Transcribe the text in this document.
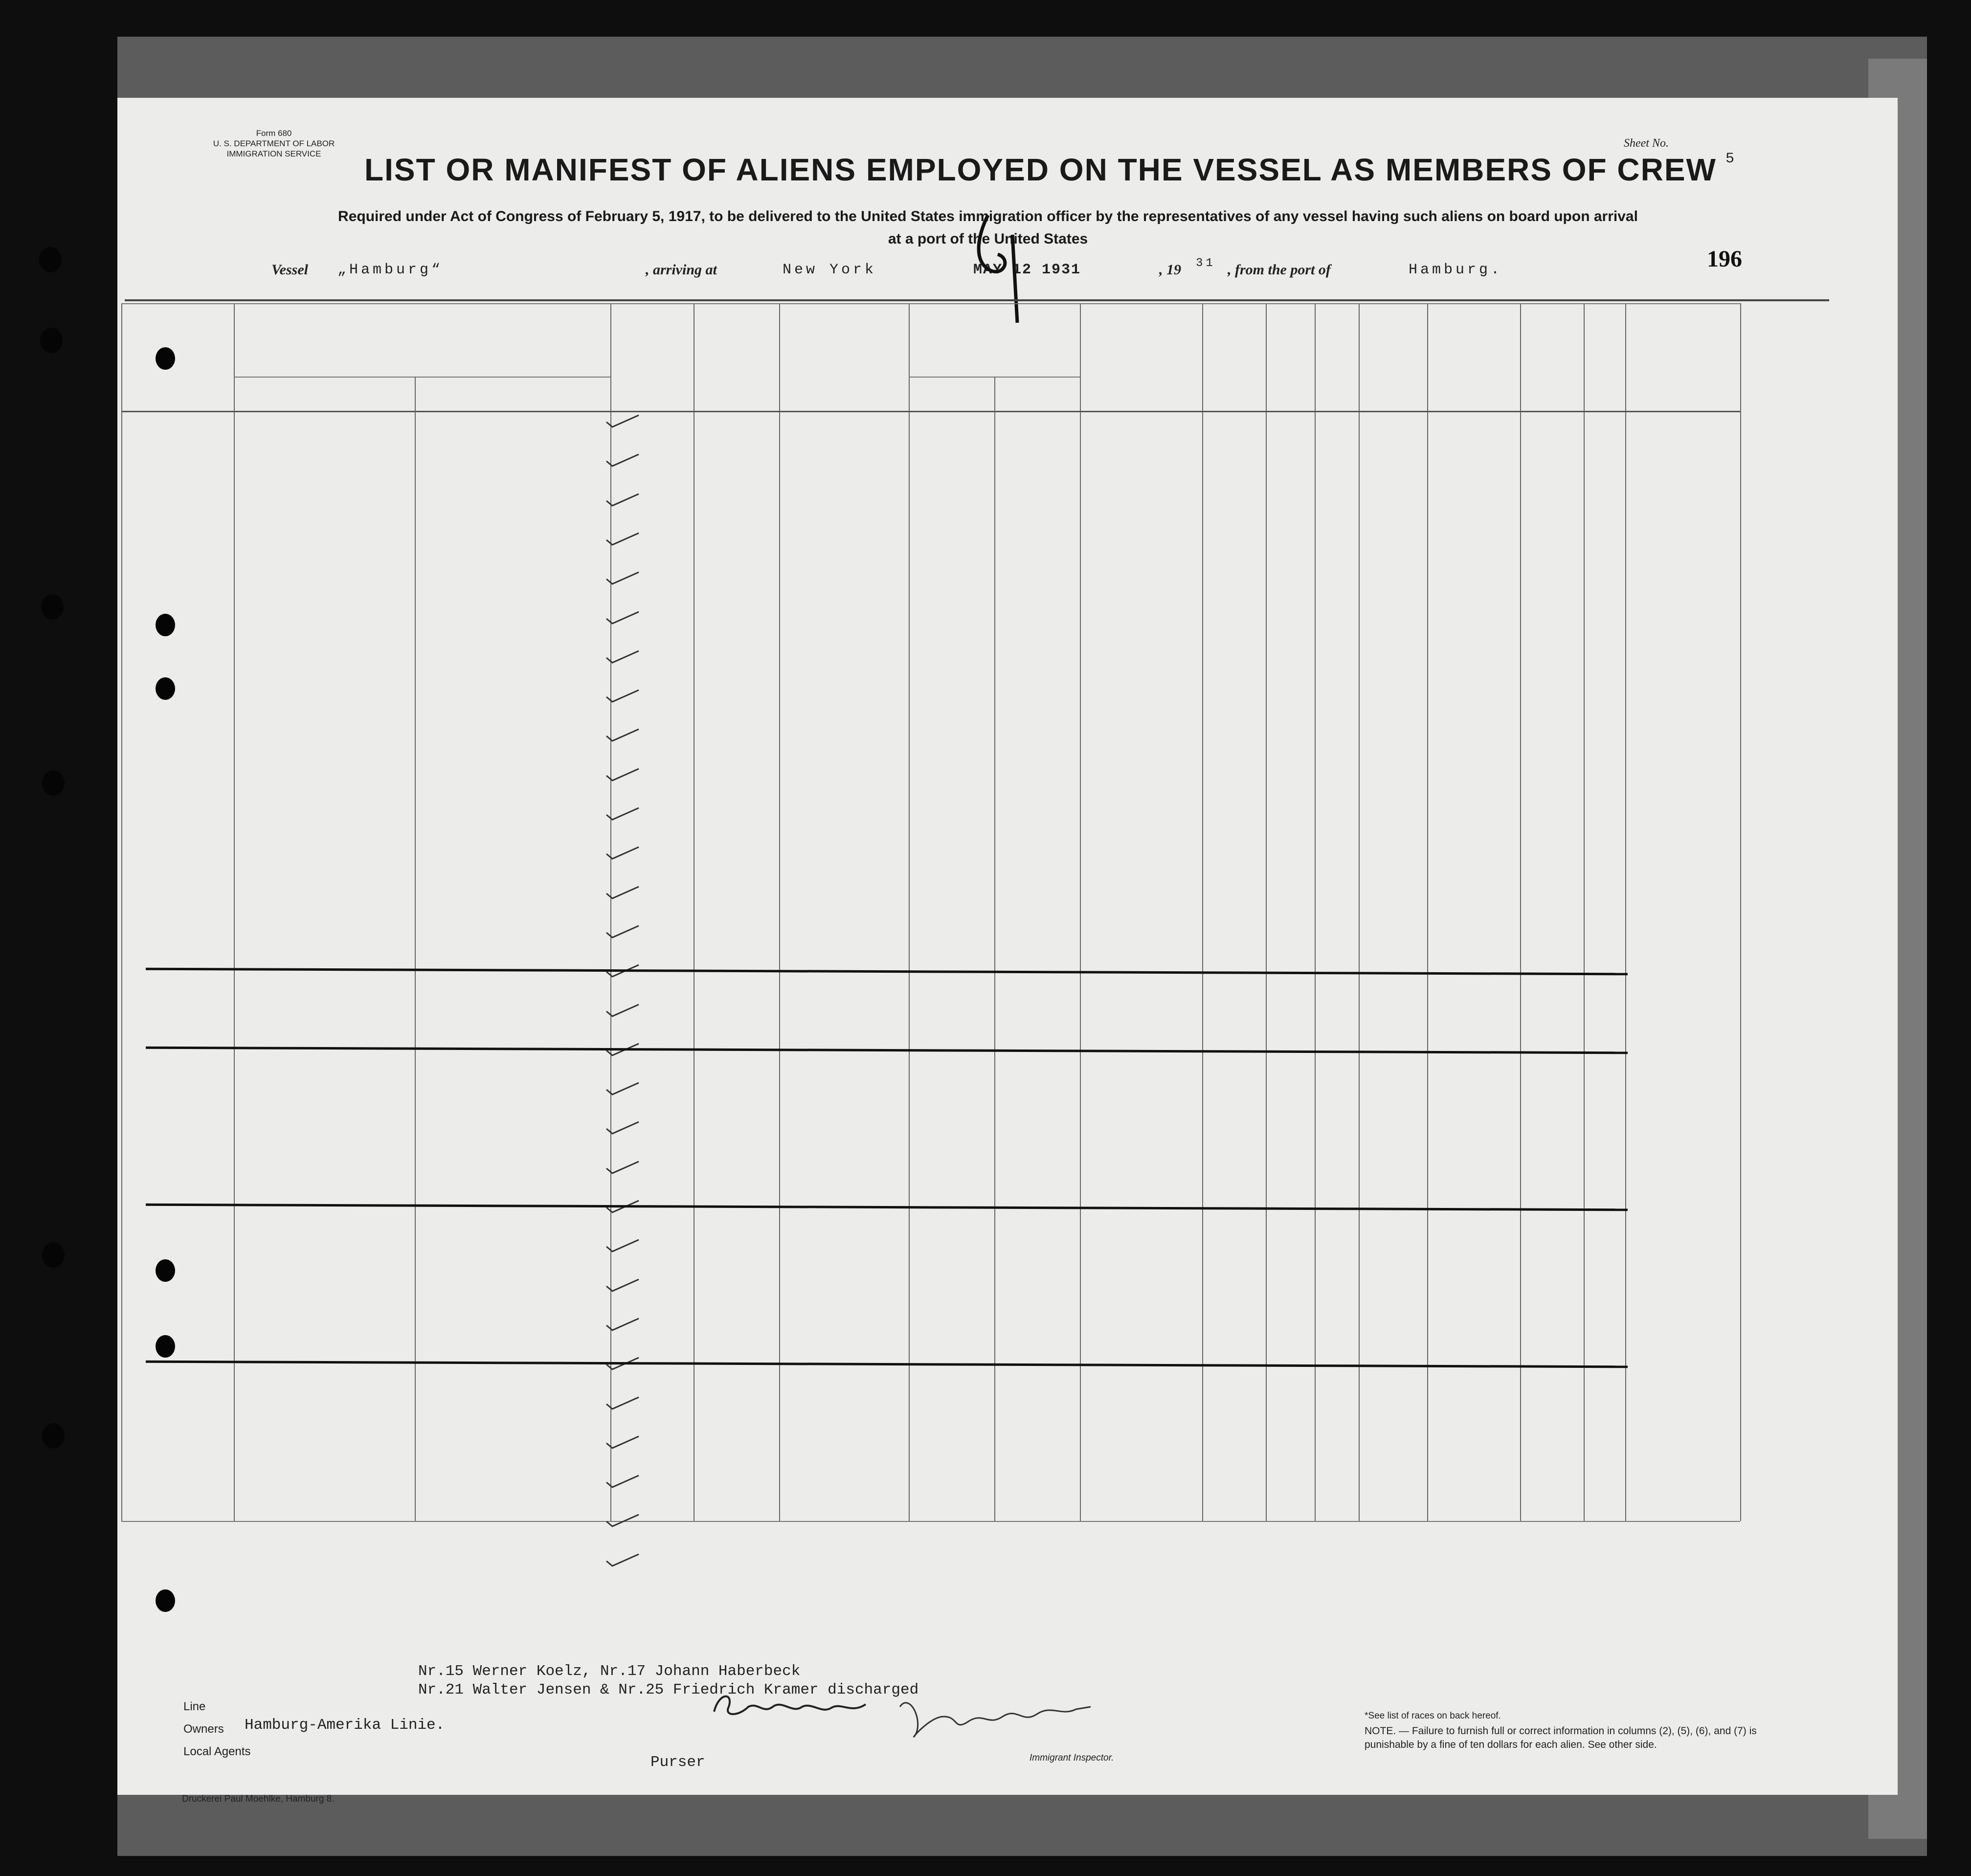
Form 680
U. S. DEPARTMENT OF LABOR
IMMIGRATION SERVICE
Sheet No.
5
LIST OR MANIFEST OF ALIENS EMPLOYED ON THE VESSEL AS MEMBERS OF CREW
Required under Act of Congress of February 5, 1917, to be delivered to the United States immigration officer by the representatives of any vessel having such aliens on board upon arrival
at a port of the United States
196
Vessel „Hamburg“	, arriving at	New York	MAY 12 1931	, 19 31 , from the port of	Hamburg.
Nr.15 Werner Koelz, Nr.17 Johann Haberbeck
Nr.21 Walter Jensen & Nr.25 Friedrich Kramer discharged
Line
Owners Hamburg-Amerika Linie.
Local Agents
Purser	Immigrant Inspector.
Druckerei Paul Moehlke, Hamburg 8.
*See list of races on back hereof.
NOTE. — Failure to furnish full or correct information in columns (2), (5), (6), and (7) is punishable by a fine of ten dollars for each alien. See other side.
